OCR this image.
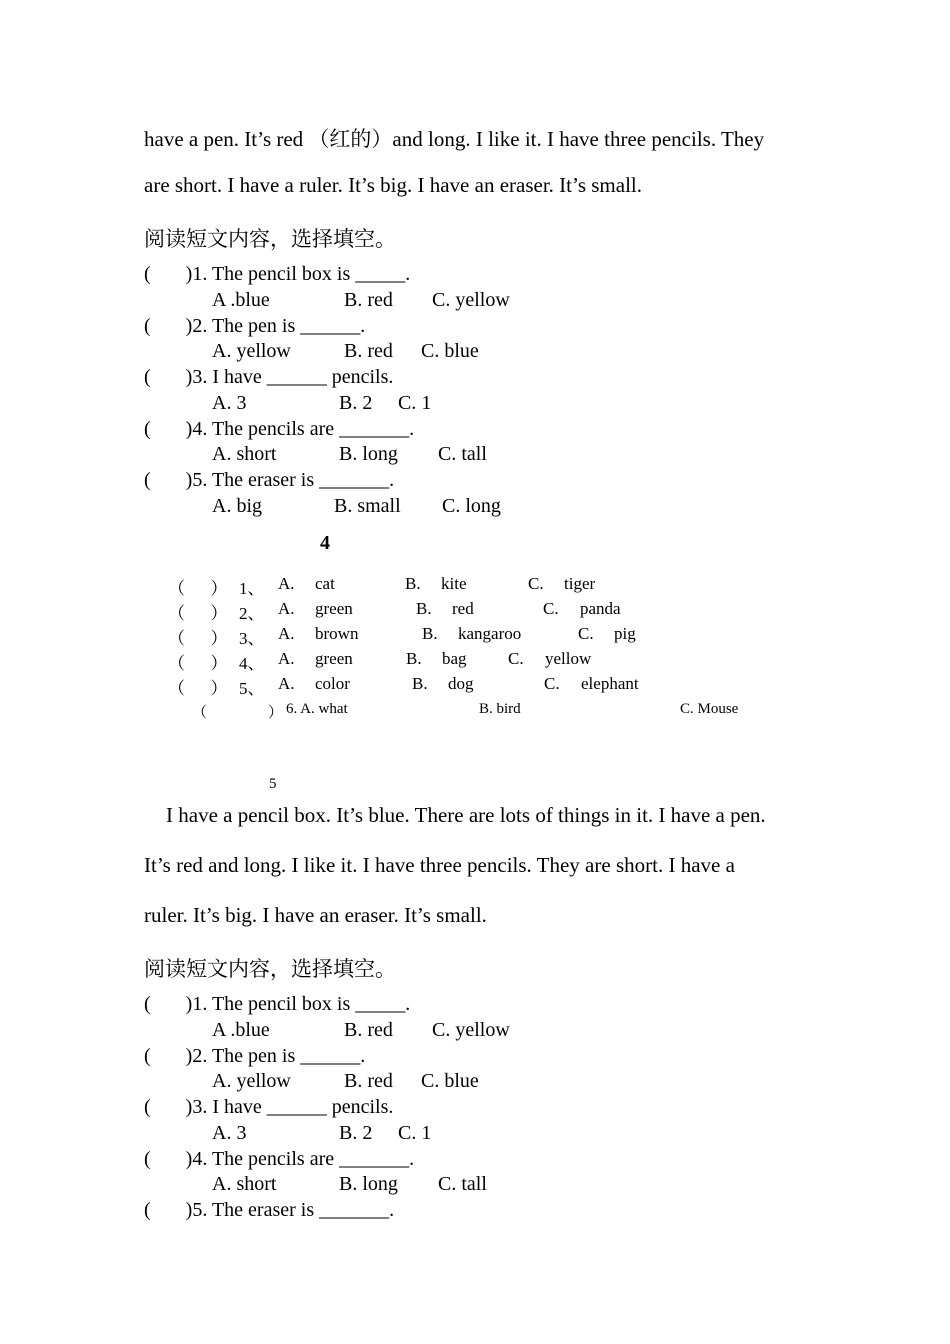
have a pen. It’s red （红的）and long. I like it. I have three pencils. They
are short. I have a ruler. It’s big. I have an eraser. It’s small.
阅读短文内容，选择填空。
(       )1. The pencil box is _____.
A .blue	B. red C. yellow
(       )2. The pen is ______.
A. yellow	B. red C. blue
(       )3. I have ______ pencils.
A. 3	B. 2 C. 1
(       )4. The pencils are _______.
A. short	B. long C. tall
(       )5. The eraser is _______.
A. big	B. small C. long
4
（      ） 1、 A. cat	B. kite	C. tiger
（      ） 2、 A. green	B. red	C. panda
（      ） 3、 A. brown	B. kangaroo	C. pig
（      ） 4、 A. green	B. bag C. yellow
（      ） 5、 A. color	B. dog	C. elephant
（	） 6. A. what	B. bird	C. Mouse
5
I have a pencil box. It’s blue. There are lots of things in it. I have a pen.
It’s red and long. I like it. I have three pencils. They are short. I have a
ruler. It’s big. I have an eraser. It’s small.
阅读短文内容，选择填空。
(       )1. The pencil box is _____.
A .blue	B. red C. yellow
(       )2. The pen is ______.
A. yellow	B. red C. blue
(       )3. I have ______ pencils.
A. 3	B. 2 C. 1
(       )4. The pencils are _______.
A. short	B. long C. tall
(       )5. The eraser is _______.
